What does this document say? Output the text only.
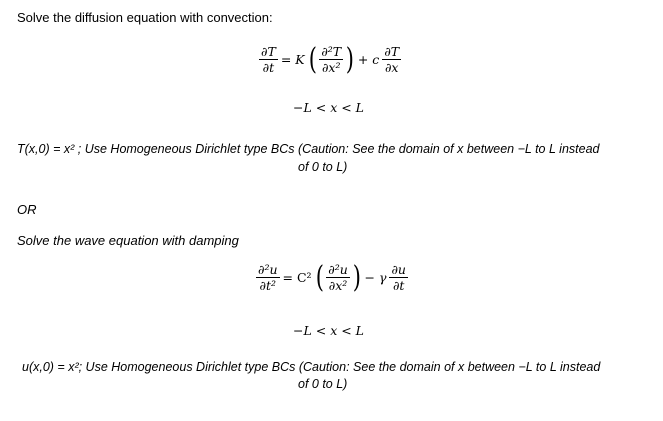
Solve the diffusion equation with convection:
$\frac{\partial T}{\partial t} = K$ ( $\frac{\text{∂²T}}{\text{∂x²}}$ ) + c $\frac{\partial T}{\partial x}$
−L < x < L
T(x,0) = x² ; Use Homogeneous Dirichlet type BCs (Caution: See the domain of x between −L to L instead
of 0 to L)
OR
Solve the wave equation with damping
$\frac{\text{∂²u}}{\text{∂t²}} = C^2$ ( $\frac{\text{∂²u}}{\text{∂x²}}$ ) − γ $\frac{\partial u}{\partial t}$
−L < x < L
u(x,0) = x²; Use Homogeneous Dirichlet type BCs (Caution: See the domain of x between −L to L instead
of 0 to L)
